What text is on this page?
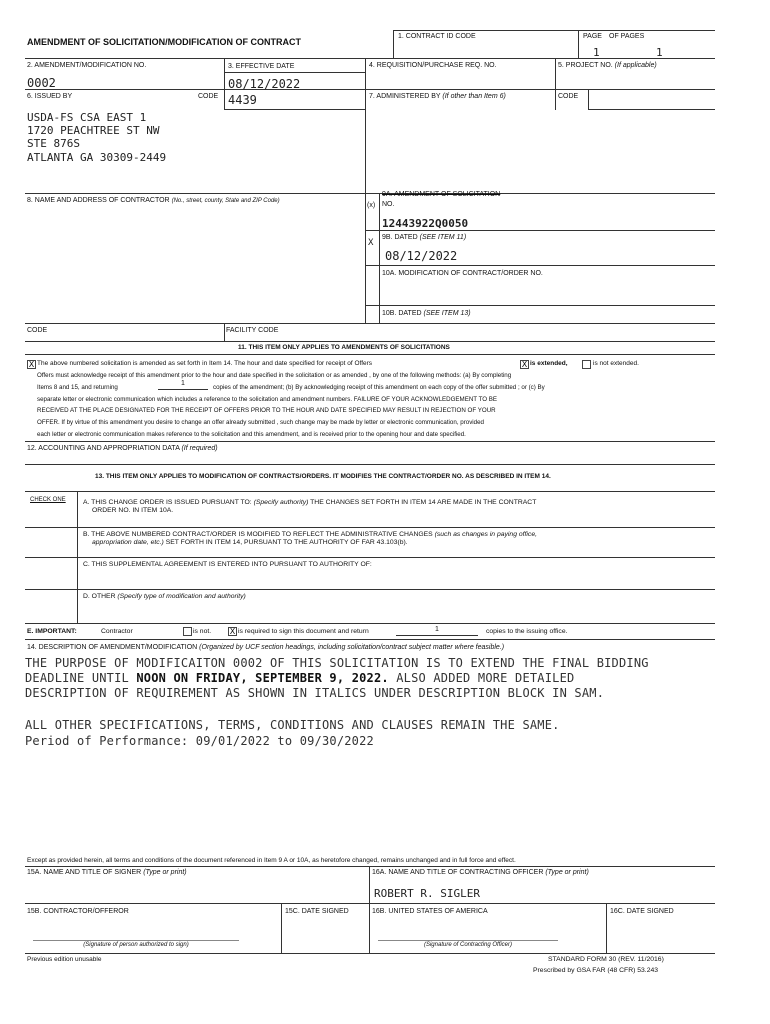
AMENDMENT OF SOLICITATION/MODIFICATION OF CONTRACT
1. CONTRACT ID CODE	PAGE OF PAGES
1	1
2. AMENDMENT/MODIFICATION NO.
0002
3. EFFECTIVE DATE
08/12/2022
4. REQUISITION/PURCHASE REQ. NO.	5. PROJECT NO. (If applicable)
6. ISSUED BY	CODE 4439	7. ADMINISTERED BY (If other than Item 6)	CODE
USDA-FS CSA EAST 1
1720 PEACHTREE ST NW
STE 876S
ATLANTA GA 30309-2449
8. NAME AND ADDRESS OF CONTRACTOR (No., street, county, State and ZIP Code)
(x)
9A. AMENDMENT OF SOLICITATION
NO.
12443922Q0050
X
9B. DATED (SEE ITEM 11)
08/12/2022
10A. MODIFICATION OF CONTRACT/ORDER NO.
10B. DATED (SEE ITEM 13)
CODE	FACILITY CODE
11. THIS ITEM ONLY APPLIES TO AMENDMENTS OF SOLICITATIONS
X The above numbered solicitation is amended as set forth in Item 14. The hour and date specified for receipt of Offers	X is extended,	is not extended.
Offers must acknowledge receipt of this amendment prior to the hour and date specified in the solicitation or as amended , by one of the following methods: (a) By completing
Items 8 and 15, and returning
1
copies of the amendment; (b) By acknowledging receipt of this amendment on each copy of the offer submitted ; or (c) By
separate letter or electronic communication which includes a reference to the solicitation and amendment numbers. FAILURE OF YOUR ACKNOWLEDGEMENT TO BE
RECEIVED AT THE PLACE DESIGNATED FOR THE RECEIPT OF OFFERS PRIOR TO THE HOUR AND DATE SPECIFIED MAY RESULT IN REJECTION OF YOUR
OFFER. If by virtue of this amendment you desire to change an offer already submitted , such change may be made by letter or electronic communication, provided
each letter or electronic communication makes reference to the solicitation and this amendment, and is received prior to the opening hour and date specified.
12. ACCOUNTING AND APPROPRIATION DATA (If required)
13. THIS ITEM ONLY APPLIES TO MODIFICATION OF CONTRACTS/ORDERS. IT MODIFIES THE CONTRACT/ORDER NO. AS DESCRIBED IN ITEM 14.
CHECK ONE	A. THIS CHANGE ORDER IS ISSUED PURSUANT TO: (Specify authority) THE CHANGES SET FORTH IN ITEM 14 ARE MADE IN THE CONTRACT
ORDER NO. IN ITEM 10A.
B. THE ABOVE NUMBERED CONTRACT/ORDER IS MODIFIED TO REFLECT THE ADMINISTRATIVE CHANGES (such as changes in paying office,
appropriation date, etc.) SET FORTH IN ITEM 14, PURSUANT TO THE AUTHORITY OF FAR 43.103(b).
C. THIS SUPPLEMENTAL AGREEMENT IS ENTERED INTO PURSUANT TO AUTHORITY OF:
D. OTHER (Specify type of modification and authority)
E. IMPORTANT:	Contractor	is not. X is required to sign this document and return	1	copies to the issuing office.
14. DESCRIPTION OF AMENDMENT/MODIFICATION (Organized by UCF section headings, including solicitation/contract subject matter where feasible.)
THE PURPOSE OF MODIFICAITON 0002 OF THIS SOLICITATION IS TO EXTEND THE FINAL BIDDING
DEADLINE UNTIL NOON ON FRIDAY, SEPTEMBER 9, 2022. ALSO ADDED MORE DETAILED
DESCRIPTION OF REQUIREMENT AS SHOWN IN ITALICS UNDER DESCRIPTION BLOCK IN SAM.
ALL OTHER SPECIFICATIONS, TERMS, CONDITIONS AND CLAUSES REMAIN THE SAME.
Period of Performance: 09/01/2022 to 09/30/2022
Except as provided herein, all terms and conditions of the document referenced in Item 9 A or 10A, as heretofore changed, remains unchanged and in full force and effect.
15A. NAME AND TITLE OF SIGNER (Type or print)	16A. NAME AND TITLE OF CONTRACTING OFFICER (Type or print)
ROBERT R. SIGLER
15B. CONTRACTOR/OFFEROR	15C. DATE SIGNED	16B. UNITED STATES OF AMERICA	16C. DATE SIGNED
(Signature of person authorized to sign)	(Signature of Contracting Officer)
Previous edition unusable	STANDARD FORM 30 (REV. 11/2016)
Prescribed by GSA FAR (48 CFR) 53.243
